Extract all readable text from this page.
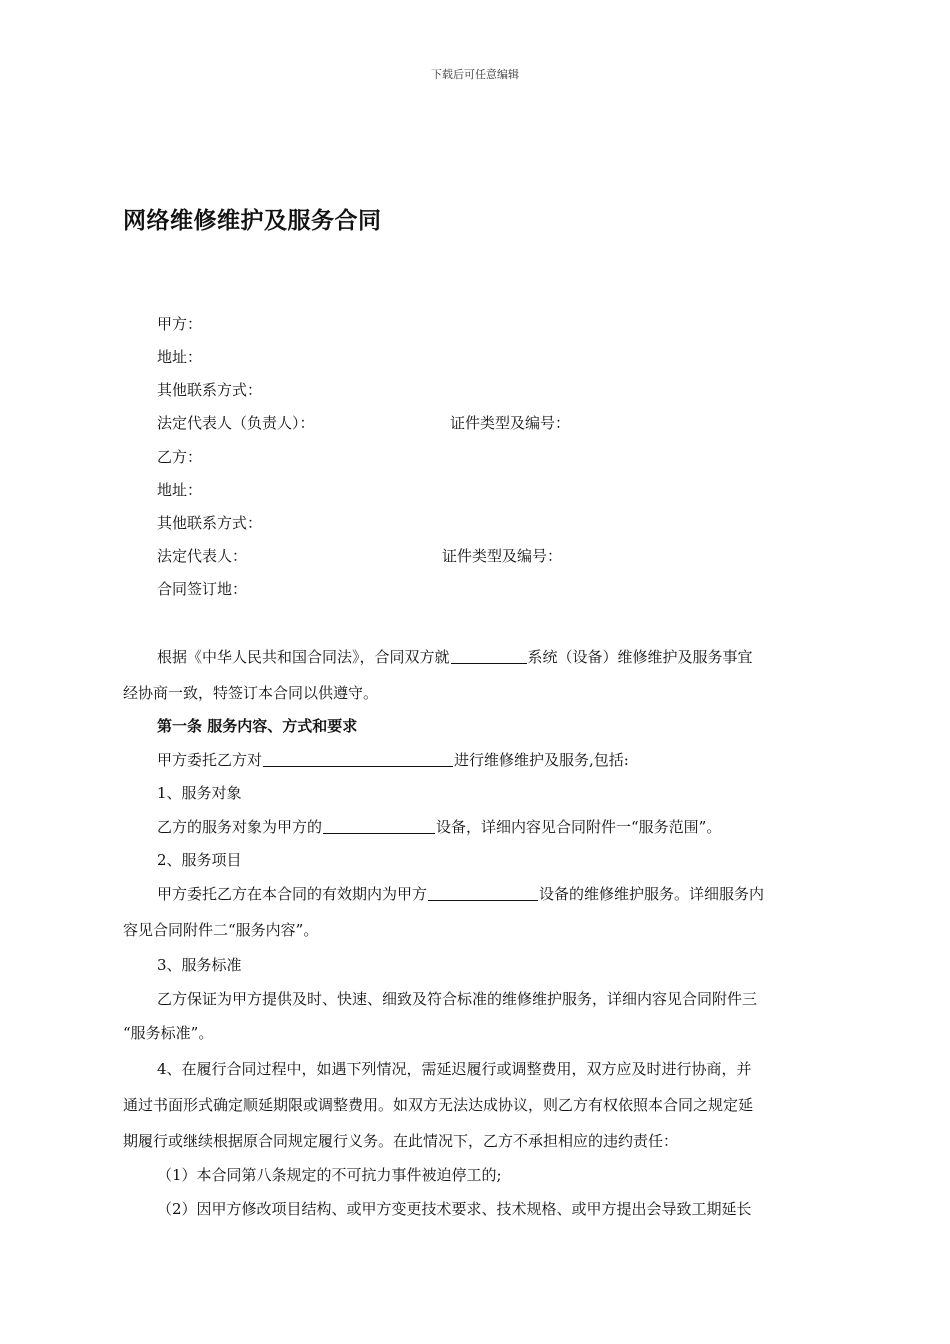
下载后可任意编辑
网络维修维护及服务合同
甲方：
地址：
其他联系方式：
法定代表人（负责人）：	证件类型及编号：
乙方：
地址：
其他联系方式：
法定代表人：	证件类型及编号：
合同签订地：
根据《中华人民共和国合同法》，合同双方就	系统（设备）维修维护及服务事宜
经协商一致，特签订本合同以供遵守。
第一条 服务内容、方式和要求
甲方委托乙方对	进行维修维护及服务,包括:
1、服务对象
乙方的服务对象为甲方的	设备，详细内容见合同附件一“服务范围”。
2、服务项目
甲方委托乙方在本合同的有效期内为甲方	设备的维修维护服务。详细服务内
容见合同附件二“服务内容”。
3、服务标准
乙方保证为甲方提供及时、快速、细致及符合标准的维修维护服务，详细内容见合同附件三
“服务标准”。
4、在履行合同过程中，如遇下列情况，需延迟履行或调整费用，双方应及时进行协商，并
通过书面形式确定顺延期限或调整费用。如双方无法达成协议，则乙方有权依照本合同之规定延
期履行或继续根据原合同规定履行义务。在此情况下，乙方不承担相应的违约责任：
（1）本合同第八条规定的不可抗力事件被迫停工的;
（2）因甲方修改项目结构、或甲方变更技术要求、技术规格、或甲方提出会导致工期延长
